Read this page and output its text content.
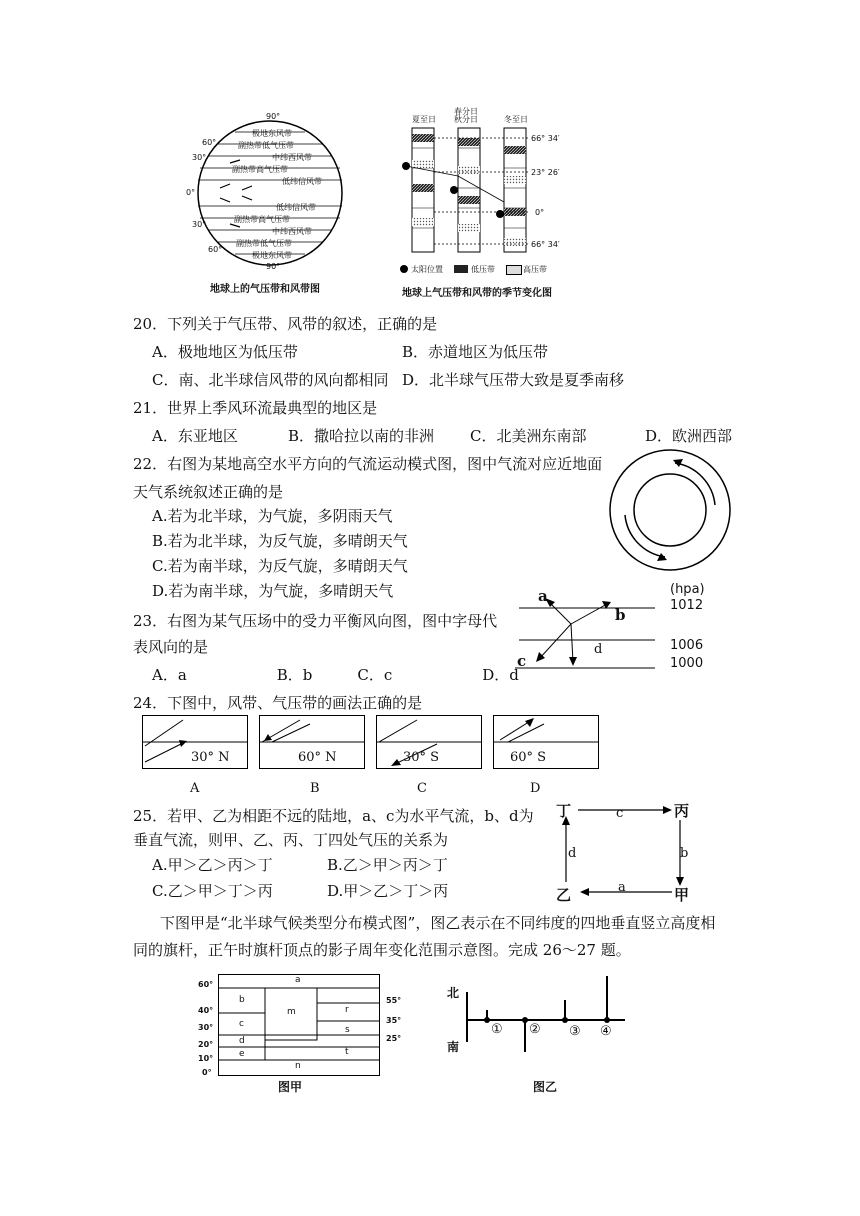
极地东风带
副热带低气压带
中纬西风带
副热带高气压带
低纬信风带
低纬信风带
副热带高气压带
中纬西风带
副热带低气压带
极地东风带
90°
60°
30°
0°
30°
60°
90°
地球上的气压带和风带图
夏至日
春分日
秋分日	冬至日
66° 34′
23° 26′
0°
66° 34′
太阳位置	低压带	高压带
地球上气压带和风带的季节变化图
20．下列关于气压带、风带的叙述，正确的是
A．极地地区为低压带	B．赤道地区为低压带
C．南、北半球信风带的风向都相同 D．北半球气压带大致是夏季南移
21．世界上季风环流最典型的地区是
A．东亚地区	B．撒哈拉以南的非洲 C．北美洲东南部	D．欧洲西部
22．右图为某地高空水平方向的气流运动模式图，图中气流对应近地面
天气系统叙述正确的是
A.若为北半球，为气旋，多阴雨天气
B.若为北半球，为反气旋，多晴朗天气
C.若为南半球，为反气旋，多晴朗天气
D.若为南半球，为气旋，多晴朗天气
23．右图为某气压场中的受力平衡风向图，图中字母代
表风向的是
A．a　　　　　　B．b　　　C．c　　　　　　D．d
a
b
c
d
(hpa)
1012
1006
1000
24．下图中，风带、气压带的画法正确的是
30° N	60° N	30° S	60° S
A	B	C	D
25．若甲、乙为相距不远的陆地，a、c为水平气流，b、d为
垂直气流，则甲、乙、丙、丁四处气压的关系为
A.甲＞乙＞丙＞丁	B.乙＞甲＞丙＞丁
C.乙＞甲＞丁＞丙	D.甲＞乙＞丁＞丙
丁	丙
乙	甲
c
d	b
a
下图甲是“北半球气候类型分布模式图”，图乙表示在不同纬度的四地垂直竖立高度相
同的旗杆，正午时旗杆顶点的影子周年变化范围示意图。完成 26～27 题。
a
b
m
c
r
s
d
e	t
n
60°
40°
30°
20°
10°
0°
55°
35°
25°
图甲
北
南
① ② ③ ④
图乙
